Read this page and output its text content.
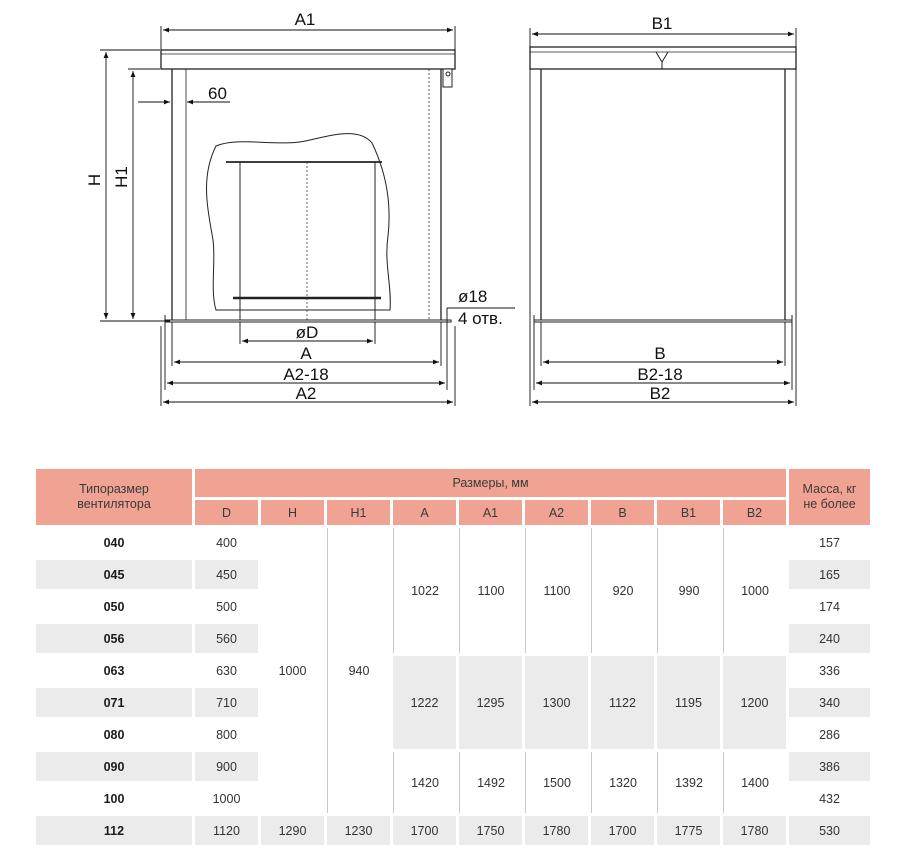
A1
H H1
60
ø18
4 отв.
øD
A
A2-18
A2
B1
B
B2-18
B2
Типоразмер
вентилятора	Размеры, мм									Масса, кг
не более
	D	H	H1	A	A1	A2	B	B1	B2	
040	400	1000	940	1022	1100	1100	920	990	1000	157
045	450									165
050	500									174
056	560									240
063	630			1222	1295	1300	1122	1195	1200	336
071	710									340
080	800									286
090	900			1420	1492	1500	1320	1392	1400	386
100	1000									432
112	1120	1290	1230	1700	1750	1780	1700	1775	1780	530
